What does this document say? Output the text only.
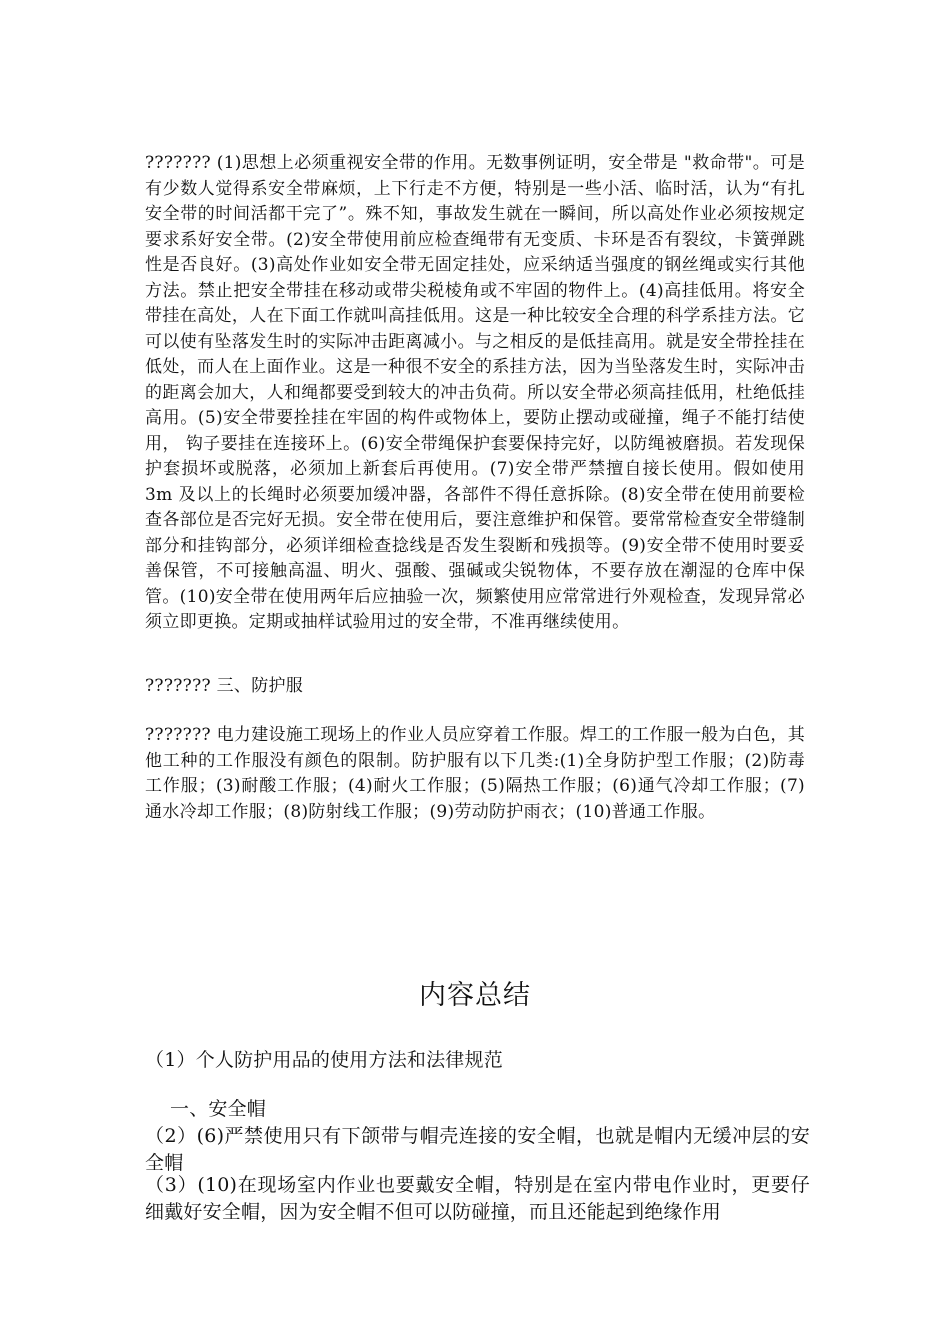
??????? (1)思想上必须重视安全带的作用。无数事例证明，安全带是 "救命带"。可是有少数人觉得系安全带麻烦，上下行走不方便，特别是一些小活、临时活，认为“有扎安全带的时间活都干完了”。殊不知，事故发生就在一瞬间，所以高处作业必须按规定要求系好安全带。(2)安全带使用前应检查绳带有无变质、卡环是否有裂纹，卡簧弹跳性是否良好。(3)高处作业如安全带无固定挂处，应采纳适当强度的钢丝绳或实行其他方法。禁止把安全带挂在移动或带尖税棱角或不牢固的物件上。(4)高挂低用。将安全带挂在高处，人在下面工作就叫高挂低用。这是一种比较安全合理的科学系挂方法。它可以使有坠落发生时的实际冲击距离减小。与之相反的是低挂高用。就是安全带拴挂在低处，而人在上面作业。这是一种很不安全的系挂方法，因为当坠落发生时，实际冲击的距离会加大，人和绳都要受到较大的冲击负荷。所以安全带必须高挂低用，杜绝低挂高用。(5)安全带要拴挂在牢固的构件或物体上，要防止摆动或碰撞，绳子不能打结使用， 钩子要挂在连接环上。(6)安全带绳保护套要保持完好，以防绳被磨损。若发现保护套损坏或脱落，必须加上新套后再使用。(7)安全带严禁擅自接长使用。假如使用 3m 及以上的长绳时必须要加缓冲器，各部件不得任意拆除。(8)安全带在使用前要检查各部位是否完好无损。安全带在使用后，要注意维护和保管。要常常检查安全带缝制部分和挂钩部分，必须详细检查捻线是否发生裂断和残损等。(9)安全带不使用时要妥善保管，不可接触高温、明火、强酸、强碱或尖锐物体，不要存放在潮湿的仓库中保管。(10)安全带在使用两年后应抽验一次，频繁使用应常常进行外观检查，发现异常必须立即更换。定期或抽样试验用过的安全带，不准再继续使用。

??????? 三、防护服

??????? 电力建设施工现场上的作业人员应穿着工作服。焊工的工作服一般为白色，其他工种的工作服没有颜色的限制。防护服有以下几类:(1)全身防护型工作服；(2)防毒工作服；(3)耐酸工作服；(4)耐火工作服；(5)隔热工作服；(6)通气冷却工作服；(7)通水冷却工作服；(8)防射线工作服；(9)劳动防护雨衣；(10)普通工作服。

内容总结

（1）个人防护用品的使用方法和法律规范

一、安全帽

（2）(6)严禁使用只有下颌带与帽壳连接的安全帽，也就是帽内无缓冲层的安全帽

（3）(10)在现场室内作业也要戴安全帽，特别是在室内带电作业时，更要仔细戴好安全帽，因为安全帽不但可以防碰撞，而且还能起到绝缘作用
